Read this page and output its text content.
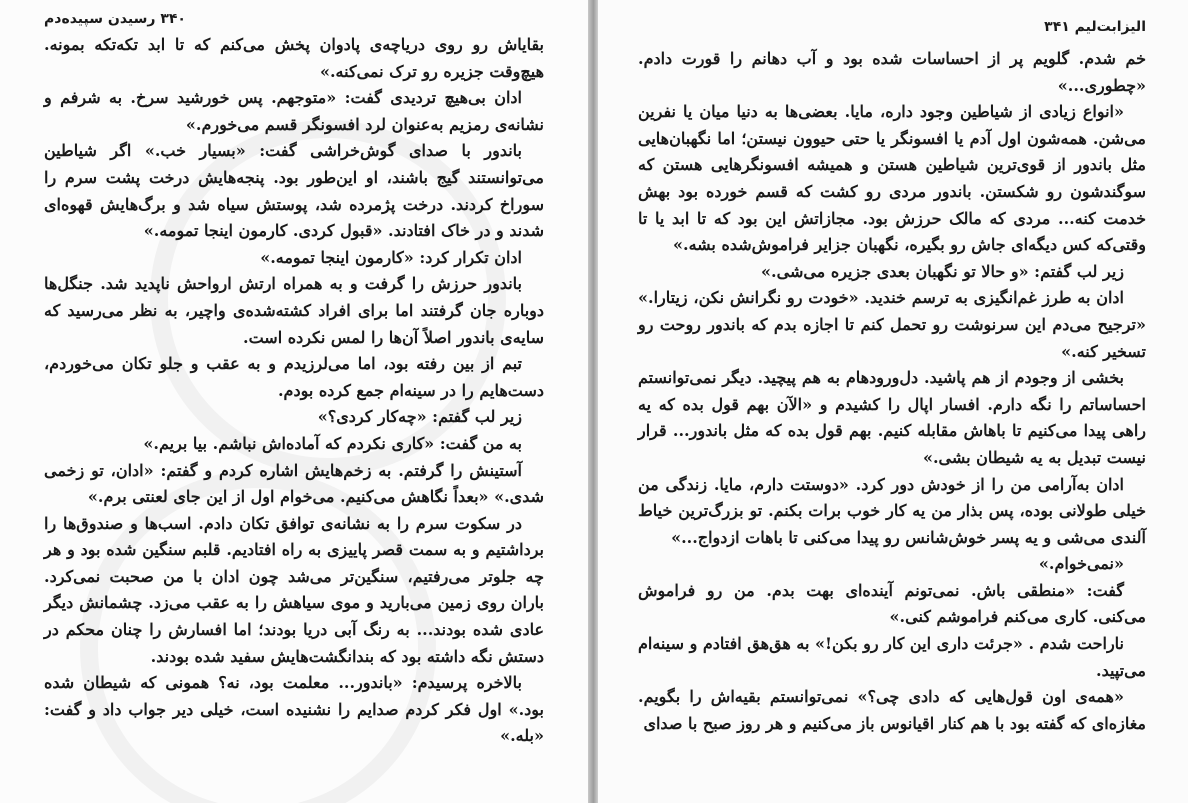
۳۴۰ رسیدن سپیده‌دم

بقایاش رو روی دریاچه‌ی پادوان پخش می‌کنم که تا ابد تکه‌تکه بمونه. هیچ‌وقت جزیره رو ترک نمی‌کنه.»

ادان بی‌هیچ تردیدی گفت: «متوجهم. پس خورشید سرخ. به شرفم و نشانه‌ی رمزیم به‌عنوان لرد افسونگر قسم می‌خورم.»

باندور با صدای گوش‌خراشی گفت: «بسیار خب.» اگر شیاطین می‌توانستند گیج باشند، او این‌طور بود. پنجه‌هایش درخت پشت سرم را سوراخ کردند. درخت پژمرده شد، پوستش سیاه شد و برگ‌هایش قهوه‌ای شدند و در خاک افتادند. «قبول کردی. کارمون اینجا تمومه.»

ادان تکرار کرد: «کارمون اینجا تمومه.»

باندور حرزش را گرفت و به همراه ارتش ارواحش ناپدید شد. جنگل‌ها دوباره جان گرفتند اما برای افراد کشته‌شده‌ی واچیر، به نظر می‌رسید که سایه‌ی باندور اصلاً آن‌ها را لمس نکرده است.

تبم از بین رفته بود، اما می‌لرزیدم و به عقب و جلو تکان می‌خوردم، دست‌هایم را در سینه‌ام جمع کرده بودم.

زیر لب گفتم: «چه‌کار کردی؟»

به من گفت: «کاری نکردم که آماده‌اش نباشم. بیا بریم.»

آستینش را گرفتم. به زخم‌هایش اشاره کردم و گفتم: «ادان، تو زخمی شدی.» «بعداً نگاهش می‌کنیم. می‌خوام اول از این جای لعنتی برم.»

در سکوت سرم را به نشانه‌ی توافق تکان دادم. اسب‌ها و صندوق‌ها را برداشتیم و به سمت قصر پاییزی به راه افتادیم. قلبم سنگین شده بود و هر چه جلوتر می‌رفتیم، سنگین‌تر می‌شد چون ادان با من صحبت نمی‌کرد. باران روی زمین می‌بارید و موی سیاهش را به عقب می‌زد. چشمانش دیگر عادی شده بودند... به رنگ آبی دریا بودند؛ اما افسارش را چنان محکم در دستش نگه داشته بود که بندانگشت‌هایش سفید شده بودند.

بالاخره پرسیدم: «باندور... معلمت بود، نه؟ همونی که شیطان شده بود.» اول فکر کردم صدایم را نشنیده است، خیلی دیر جواب داد و گفت: «بله.»

الیزابت‌لیم ۳۴۱

خم شدم. گلویم پر از احساسات شده بود و آب دهانم را قورت دادم. «چطوری...»

«انواع زیادی از شیاطین وجود داره، مایا. بعضی‌ها به دنیا میان یا نفرین می‌شن. همه‌شون اول آدم یا افسونگر یا حتی حیوون نیستن؛ اما نگهبان‌هایی مثل باندور از قوی‌ترین شیاطین هستن و همیشه افسونگرهایی هستن که سوگندشون رو شکستن. باندور مردی رو کشت که قسم خورده بود بهش خدمت کنه... مردی که مالک حرزش بود. مجازاتش این بود که تا ابد یا تا وقتی‌که کس دیگه‌ای جاش رو بگیره، نگهبان جزایر فراموش‌شده بشه.»

زیر لب گفتم: «و حالا تو نگهبان بعدی جزیره می‌شی.»

ادان به طرز غم‌انگیزی به ترسم خندید. «خودت رو نگرانش نکن، زیتارا.» «ترجیح می‌دم این سرنوشت رو تحمل کنم تا اجازه بدم که باندور روحت رو تسخیر کنه.»

بخشی از وجودم از هم پاشید. دل‌ورودهام به هم پیچید. دیگر نمی‌توانستم احساساتم را نگه دارم. افسار اپال را کشیدم و «الآن بهم قول بده که یه راهی پیدا می‌کنیم تا باهاش مقابله کنیم. بهم قول بده که مثل باندور... قرار نیست تبدیل به یه شیطان بشی.»

ادان به‌آرامی من را از خودش دور کرد. «دوستت دارم، مایا. زندگی من خیلی طولانی بوده، پس بذار من یه کار خوب برات بکنم. تو بزرگ‌ترین خیاط آلندی می‌شی و یه پسر خوش‌شانس رو پیدا می‌کنی تا باهات ازدواج...»

«نمی‌خوام.»

گفت: «منطقی باش. نمی‌تونم آینده‌ای بهت بدم. من رو فراموش می‌کنی. کاری می‌کنم فراموشم کنی.»

ناراحت شدم . «جرئت داری این کار رو بکن!» به هق‌هق افتادم و سینه‌ام می‌تپید.

«همه‌ی اون قول‌هایی که دادی چی؟» نمی‌توانستم بقیه‌اش را بگویم. مغازه‌ای که گفته بود با هم کنار اقیانوس باز می‌کنیم و هر روز صبح با صدای
